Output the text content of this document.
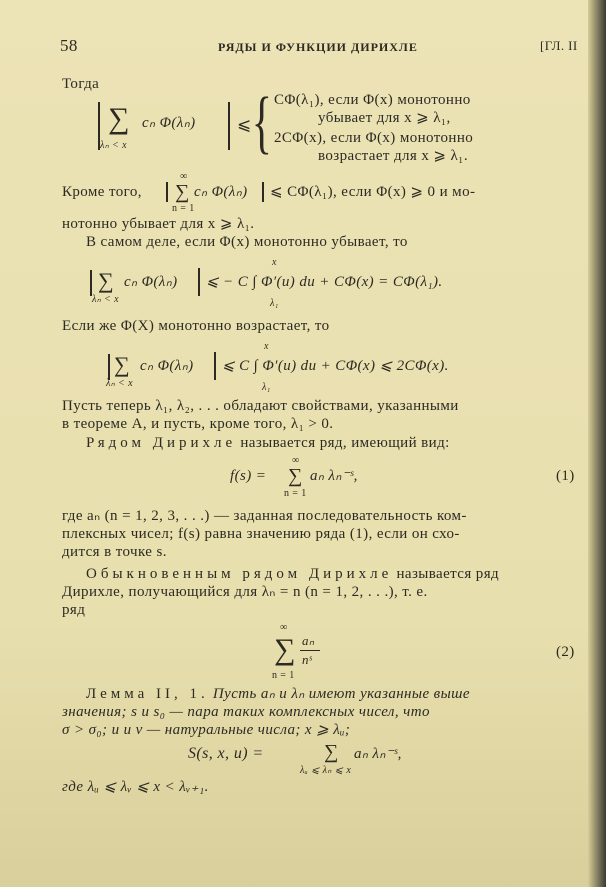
58	РЯДЫ И ФУНКЦИИ ДИРИХЛЕ	[ГЛ. II
Тогда
∑
λₙ < x
cₙ Φ(λₙ) ⩽ { CΦ(λ₁), если Φ(x) монотонно
убывает для x ⩾ λ₁,
2CΦ(x), если Φ(x) монотонно
возрастает для x ⩾ λ₁.
∞
Кроме того, ∑
n = 1
cₙ Φ(λₙ) ⩽ CΦ(λ₁), если Φ(x) ⩾ 0 и мо-
нотонно убывает для x ⩾ λ₁.
В самом деле, если Φ(x) монотонно убывает, то
∑
λₙ < x
cₙ Φ(λₙ) ⩽ − C ∫ Φ′(u) du + CΦ(x) = CΦ(λ₁).
x
λ₁
Если же Φ(X) монотонно возрастает, то
∑
λₙ < x
cₙ Φ(λₙ) ⩽ C ∫ Φ′(u) du + CΦ(x) ⩽ 2CΦ(x).
x
λ₁
Пусть теперь λ₁, λ₂, . . . обладают свойствами, указанными
в теореме A, и пусть, кроме того, λ₁ > 0.
Рядом Дирихле называется ряд, имеющий вид:
f(s) =
∞
∑
n = 1
aₙ λₙ⁻ˢ,	(1)
где aₙ (n = 1, 2, 3, . . .) — заданная последовательность ком-
плексных чисел; f(s) равна значению ряда (1), если он схо-
дится в точке s.
Обыкновенным рядом Дирихле называется ряд
Дирихле, получающийся для λₙ = n (n = 1, 2, . . .), т. е.
ряд
∞
∑ aₙ
nˢ
n = 1
(2)
Лемма II, 1. Пусть aₙ и λₙ имеют указанные выше
значения; s и s₀ — пара таких комплексных чисел, что
σ > σ₀; u и v — натуральные числа; x ⩾ λᵤ;
S(s, x, u) =	∑
λᵤ ⩽ λₙ ⩽ x
aₙ λₙ⁻ˢ,
где λᵤ ⩽ λᵥ ⩽ x < λᵥ₊₁.
